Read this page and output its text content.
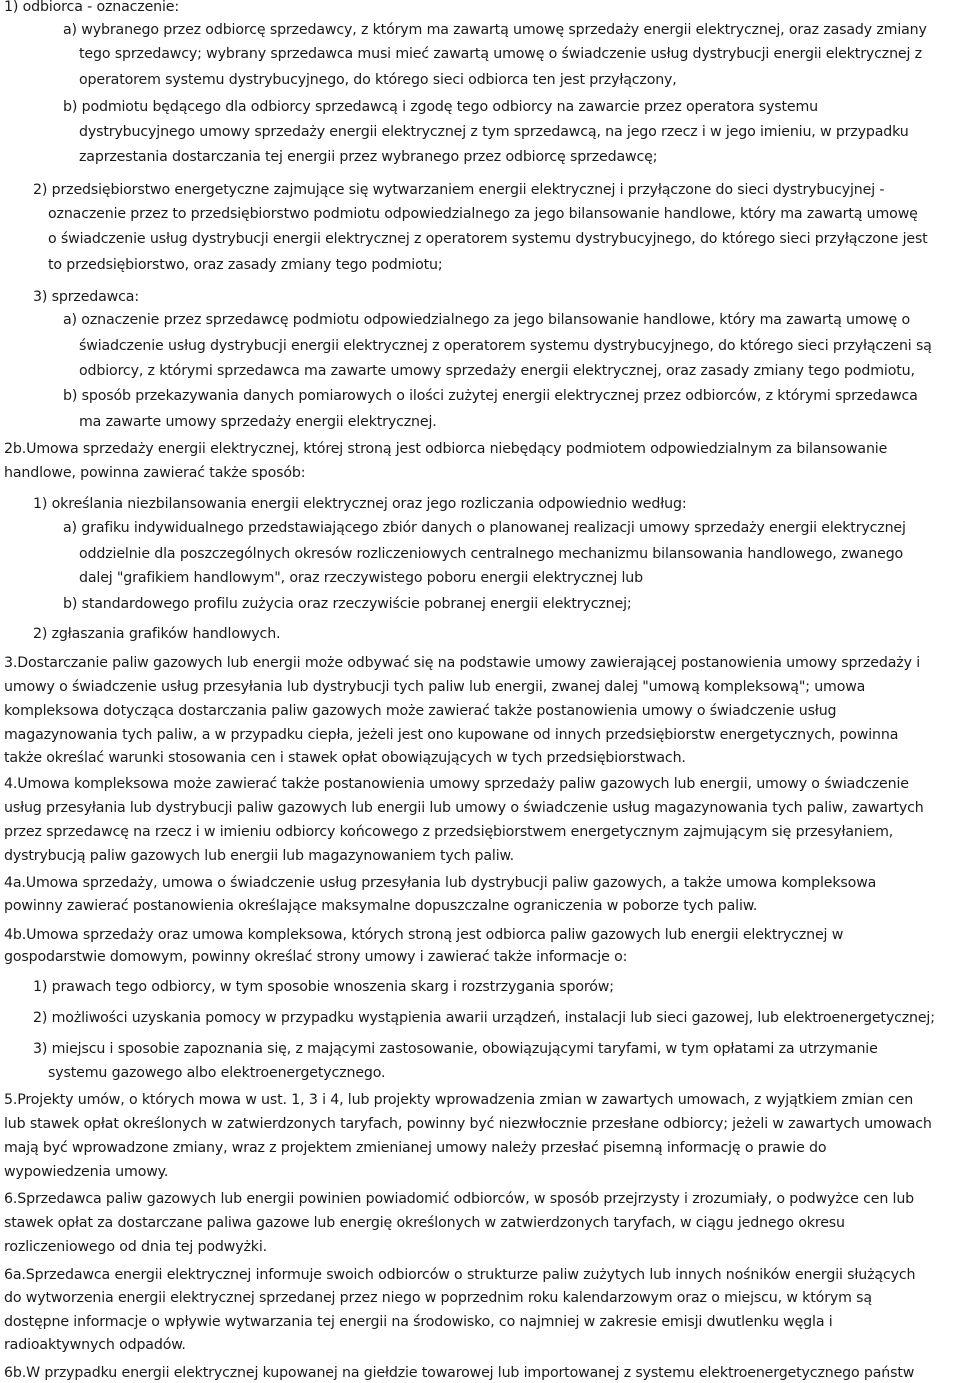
1) odbiorca - oznaczenie:
a) wybranego przez odbiorcę sprzedawcy, z którym ma zawartą umowę sprzedaży energii elektrycznej, oraz zasady zmiany
tego sprzedawcy; wybrany sprzedawca musi mieć zawartą umowę o świadczenie usług dystrybucji energii elektrycznej z
operatorem systemu dystrybucyjnego, do którego sieci odbiorca ten jest przyłączony,
b) podmiotu będącego dla odbiorcy sprzedawcą i zgodę tego odbiorcy na zawarcie przez operatora systemu
dystrybucyjnego umowy sprzedaży energii elektrycznej z tym sprzedawcą, na jego rzecz i w jego imieniu, w przypadku
zaprzestania dostarczania tej energii przez wybranego przez odbiorcę sprzedawcę;
2) przedsiębiorstwo energetyczne zajmujące się wytwarzaniem energii elektrycznej i przyłączone do sieci dystrybucyjnej -
oznaczenie przez to przedsiębiorstwo podmiotu odpowiedzialnego za jego bilansowanie handlowe, który ma zawartą umowę
o świadczenie usług dystrybucji energii elektrycznej z operatorem systemu dystrybucyjnego, do którego sieci przyłączone jest
to przedsiębiorstwo, oraz zasady zmiany tego podmiotu;
3) sprzedawca:
a) oznaczenie przez sprzedawcę podmiotu odpowiedzialnego za jego bilansowanie handlowe, który ma zawartą umowę o
świadczenie usług dystrybucji energii elektrycznej z operatorem systemu dystrybucyjnego, do którego sieci przyłączeni są
odbiorcy, z którymi sprzedawca ma zawarte umowy sprzedaży energii elektrycznej, oraz zasady zmiany tego podmiotu,
b) sposób przekazywania danych pomiarowych o ilości zużytej energii elektrycznej przez odbiorców, z którymi sprzedawca
ma zawarte umowy sprzedaży energii elektrycznej.
2b.Umowa sprzedaży energii elektrycznej, której stroną jest odbiorca niebędący podmiotem odpowiedzialnym za bilansowanie
handlowe, powinna zawierać także sposób:
1) określania niezbilansowania energii elektrycznej oraz jego rozliczania odpowiednio według:
a) grafiku indywidualnego przedstawiającego zbiór danych o planowanej realizacji umowy sprzedaży energii elektrycznej
oddzielnie dla poszczególnych okresów rozliczeniowych centralnego mechanizmu bilansowania handlowego, zwanego
dalej "grafikiem handlowym", oraz rzeczywistego poboru energii elektrycznej lub
b) standardowego profilu zużycia oraz rzeczywiście pobranej energii elektrycznej;
2) zgłaszania grafików handlowych.
3.Dostarczanie paliw gazowych lub energii może odbywać się na podstawie umowy zawierającej postanowienia umowy sprzedaży i
umowy o świadczenie usług przesyłania lub dystrybucji tych paliw lub energii, zwanej dalej "umową kompleksową"; umowa
kompleksowa dotycząca dostarczania paliw gazowych może zawierać także postanowienia umowy o świadczenie usług
magazynowania tych paliw, a w przypadku ciepła, jeżeli jest ono kupowane od innych przedsiębiorstw energetycznych, powinna
także określać warunki stosowania cen i stawek opłat obowiązujących w tych przedsiębiorstwach.
4.Umowa kompleksowa może zawierać także postanowienia umowy sprzedaży paliw gazowych lub energii, umowy o świadczenie
usług przesyłania lub dystrybucji paliw gazowych lub energii lub umowy o świadczenie usług magazynowania tych paliw, zawartych
przez sprzedawcę na rzecz i w imieniu odbiorcy końcowego z przedsiębiorstwem energetycznym zajmującym się przesyłaniem,
dystrybucją paliw gazowych lub energii lub magazynowaniem tych paliw.
4a.Umowa sprzedaży, umowa o świadczenie usług przesyłania lub dystrybucji paliw gazowych, a także umowa kompleksowa
powinny zawierać postanowienia określające maksymalne dopuszczalne ograniczenia w poborze tych paliw.
4b.Umowa sprzedaży oraz umowa kompleksowa, których stroną jest odbiorca paliw gazowych lub energii elektrycznej w
gospodarstwie domowym, powinny określać strony umowy i zawierać także informacje o:
1) prawach tego odbiorcy, w tym sposobie wnoszenia skarg i rozstrzygania sporów;
2) możliwości uzyskania pomocy w przypadku wystąpienia awarii urządzeń, instalacji lub sieci gazowej, lub elektroenergetycznej;
3) miejscu i sposobie zapoznania się, z mającymi zastosowanie, obowiązującymi taryfami, w tym opłatami za utrzymanie
systemu gazowego albo elektroenergetycznego.
5.Projekty umów, o których mowa w ust. 1, 3 i 4, lub projekty wprowadzenia zmian w zawartych umowach, z wyjątkiem zmian cen
lub stawek opłat określonych w zatwierdzonych taryfach, powinny być niezwłocznie przesłane odbiorcy; jeżeli w zawartych umowach
mają być wprowadzone zmiany, wraz z projektem zmienianej umowy należy przesłać pisemną informację o prawie do
wypowiedzenia umowy.
6.Sprzedawca paliw gazowych lub energii powinien powiadomić odbiorców, w sposób przejrzysty i zrozumiały, o podwyżce cen lub
stawek opłat za dostarczane paliwa gazowe lub energię określonych w zatwierdzonych taryfach, w ciągu jednego okresu
rozliczeniowego od dnia tej podwyżki.
6a.Sprzedawca energii elektrycznej informuje swoich odbiorców o strukturze paliw zużytych lub innych nośników energii służących
do wytworzenia energii elektrycznej sprzedanej przez niego w poprzednim roku kalendarzowym oraz o miejscu, w którym są
dostępne informacje o wpływie wytwarzania tej energii na środowisko, co najmniej w zakresie emisji dwutlenku węgla i
radioaktywnych odpadów.
6b.W przypadku energii elektrycznej kupowanej na giełdzie towarowej lub importowanej z systemu elektroenergetycznego państw
